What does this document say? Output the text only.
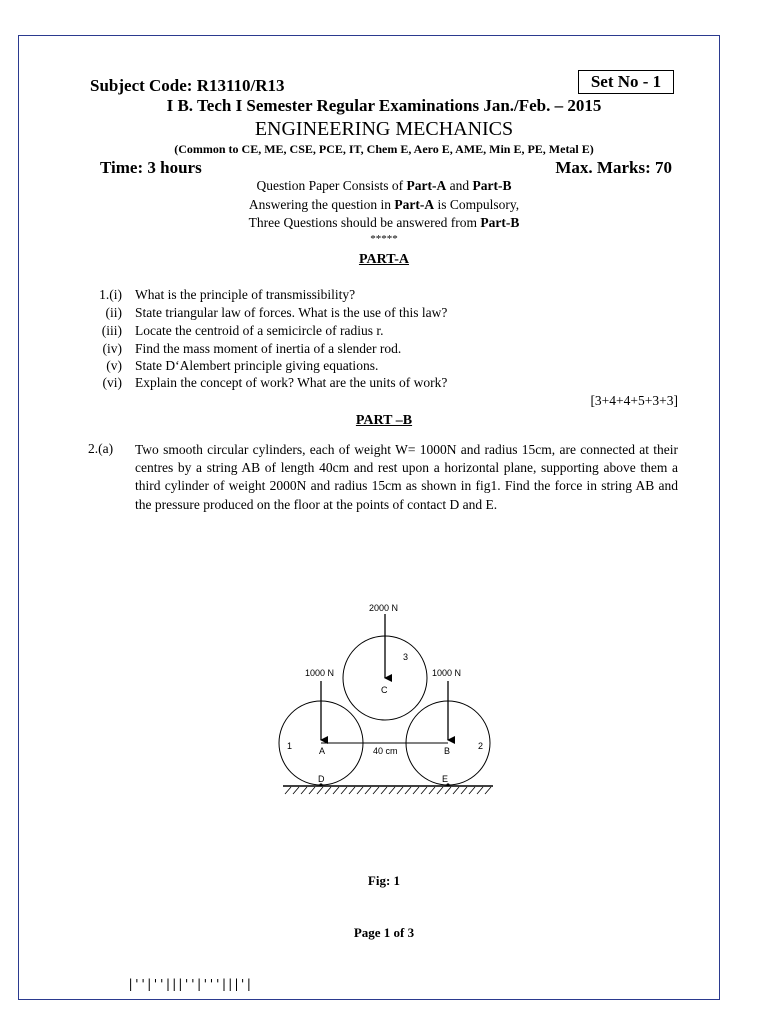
Subject Code: R13110/R13	Set No - 1
I B. Tech I Semester Regular Examinations Jan./Feb. – 2015
ENGINEERING MECHANICS
(Common to CE, ME, CSE, PCE, IT, Chem E, Aero E, AME, Min E, PE, Metal E)
Time: 3 hours	Max. Marks: 70
Question Paper Consists of Part-A and Part-B
Answering the question in Part-A is Compulsory,
Three Questions should be answered from Part-B
*****
PART-A
1.(i) What is the principle of transmissibility?
(ii) State triangular law of forces. What is the use of this law?
(iii) Locate the centroid of a semicircle of radius r.
(iv) Find the mass moment of inertia of a slender rod.
(v) State D‘Alembert principle giving equations.
(vi) Explain the concept of work? What are the units of work?
[3+4+4+5+3+3]
PART –B
2.(a) Two smooth circular cylinders, each of weight W= 1000N and radius 15cm, are connected at their centres by a string AB of length 40cm and rest upon a horizontal plane, supporting above them a third cylinder of weight 2000N and radius 15cm as shown in fig1. Find the force in string AB and the pressure produced on the floor at the points of contact D and E.
2000 N
1000 N	1000 N
C
3
A	B
1	2
D	E
40 cm
Fig: 1
Page 1 of 3
|''|''|||''|'''|||'|
